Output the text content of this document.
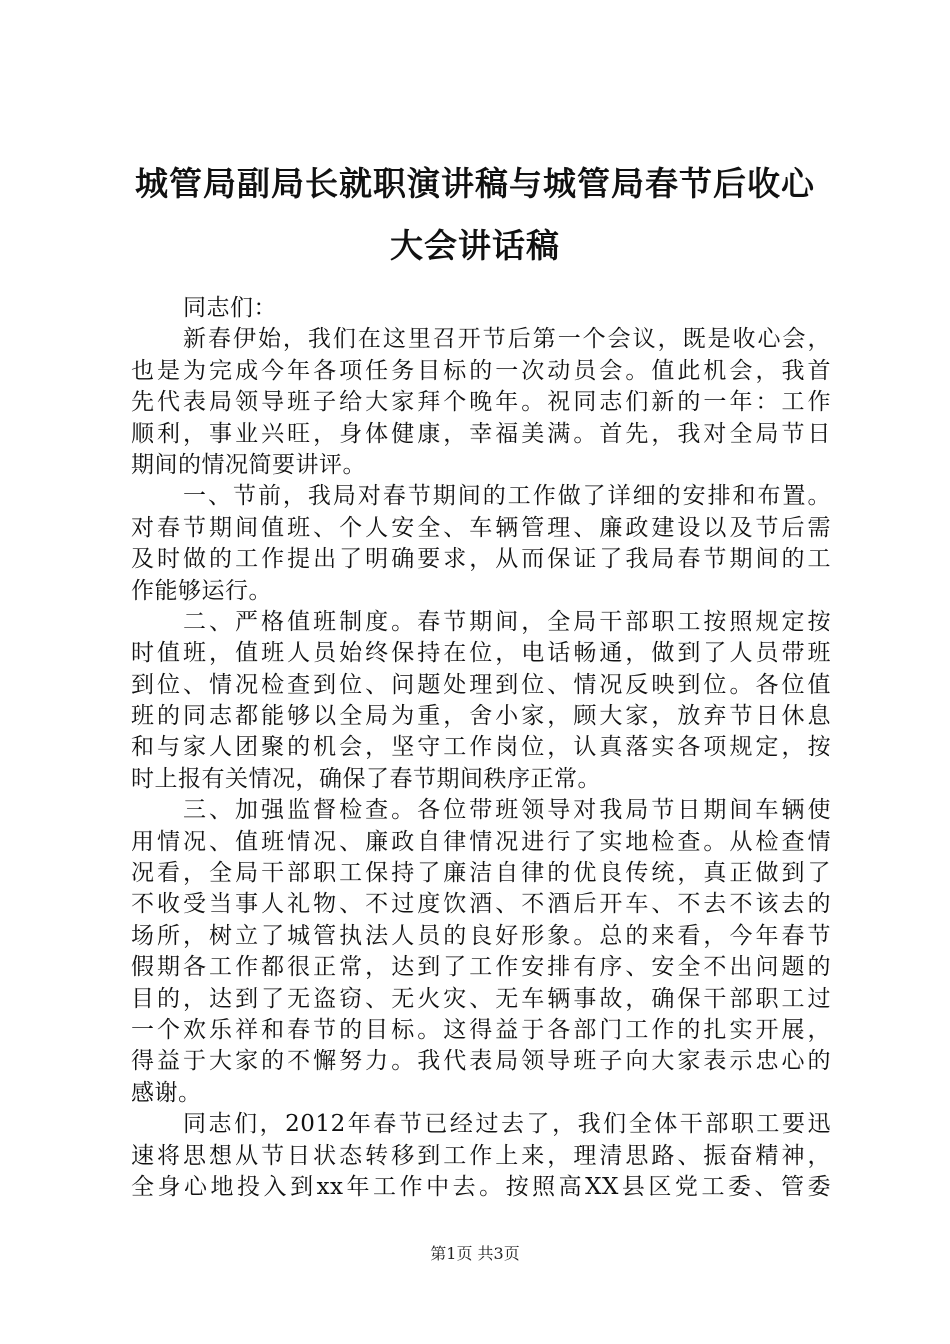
城管局副局长就职演讲稿与城管局春节后收心
大会讲话稿
同志们：
新春伊始，我们在这里召开节后第一个会议，既是收心会，
也是为完成今年各项任务目标的一次动员会。值此机会，我首
先代表局领导班子给大家拜个晚年。祝同志们新的一年：工作
顺利，事业兴旺，身体健康，幸福美满。首先，我对全局节日
期间的情况简要讲评。
一、节前，我局对春节期间的工作做了详细的安排和布置。
对春节期间值班、个人安全、车辆管理、廉政建设以及节后需
及时做的工作提出了明确要求，从而保证了我局春节期间的工
作能够运行。
二、严格值班制度。春节期间，全局干部职工按照规定按
时值班，值班人员始终保持在位，电话畅通，做到了人员带班
到位、情况检查到位、问题处理到位、情况反映到位。各位值
班的同志都能够以全局为重，舍小家，顾大家，放弃节日休息
和与家人团聚的机会，坚守工作岗位，认真落实各项规定，按
时上报有关情况，确保了春节期间秩序正常。
三、加强监督检查。各位带班领导对我局节日期间车辆使
用情况、值班情况、廉政自律情况进行了实地检查。从检查情
况看，全局干部职工保持了廉洁自律的优良传统，真正做到了
不收受当事人礼物、不过度饮酒、不酒后开车、不去不该去的
场所，树立了城管执法人员的良好形象。总的来看，今年春节
假期各工作都很正常，达到了工作安排有序、安全不出问题的
目的，达到了无盗窃、无火灾、无车辆事故，确保干部职工过
一个欢乐祥和春节的目标。这得益于各部门工作的扎实开展，
得益于大家的不懈努力。我代表局领导班子向大家表示忠心的
感谢。
同志们，2012年春节已经过去了，我们全体干部职工要迅
速将思想从节日状态转移到工作上来，理清思路、振奋精神，
全身心地投入到xx年工作中去。按照高XX县区党工委、管委
第1页 共3页
